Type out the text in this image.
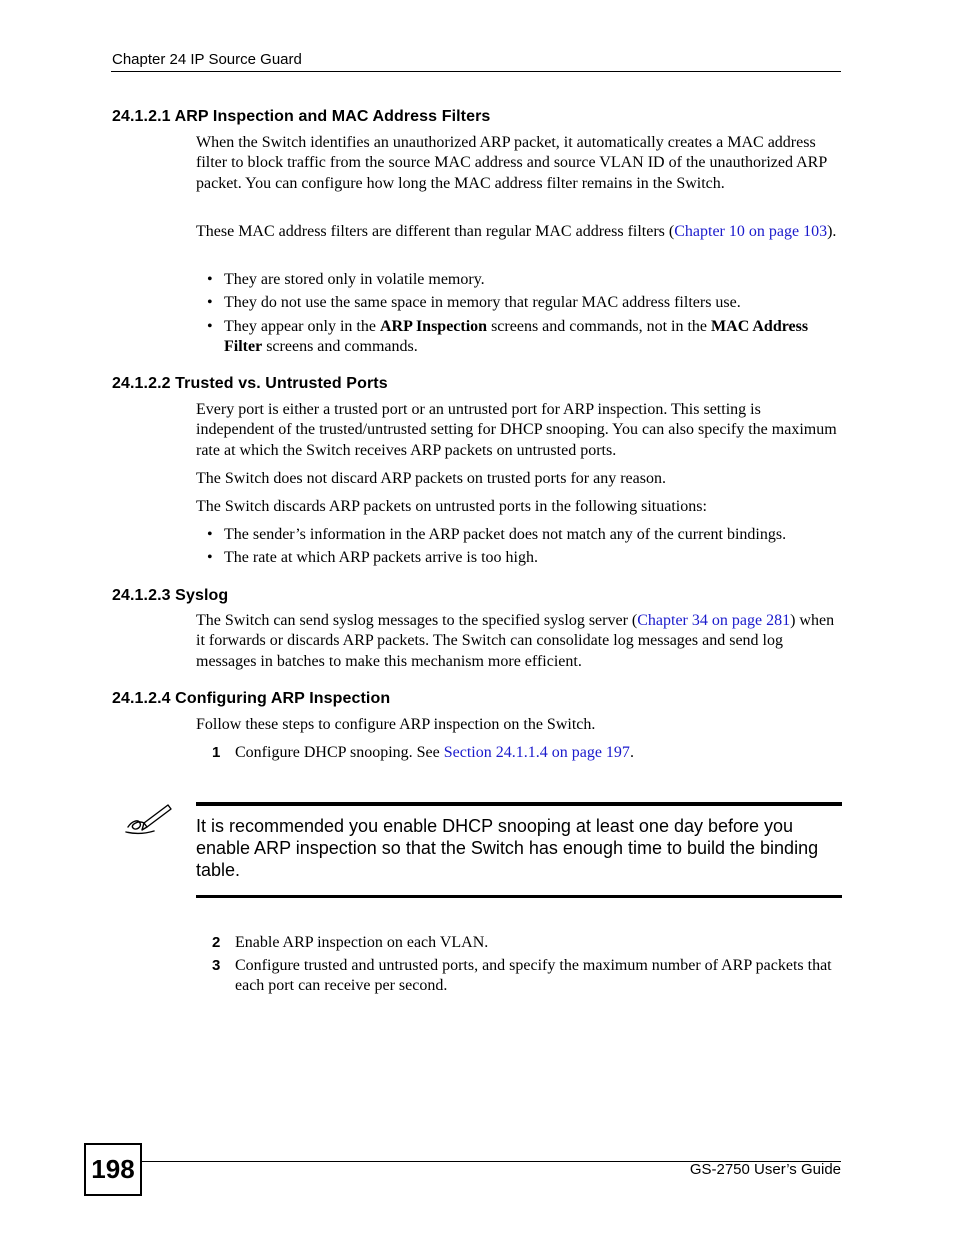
Chapter 24 IP Source Guard
24.1.2.1 ARP Inspection and MAC Address Filters

When the Switch identifies an unauthorized ARP packet, it automatically creates a MAC address filter to block traffic from the source MAC address and source VLAN ID of the unauthorized ARP packet. You can configure how long the MAC address filter remains in the Switch.

These MAC address filters are different than regular MAC address filters (Chapter 10 on page 103).

• They are stored only in volatile memory.
• They do not use the same space in memory that regular MAC address filters use.
• They appear only in the ARP Inspection screens and commands, not in the MAC Address Filter screens and commands.
24.1.2.2 Trusted vs. Untrusted Ports

Every port is either a trusted port or an untrusted port for ARP inspection. This setting is independent of the trusted/untrusted setting for DHCP snooping. You can also specify the maximum rate at which the Switch receives ARP packets on untrusted ports.

The Switch does not discard ARP packets on trusted ports for any reason.

The Switch discards ARP packets on untrusted ports in the following situations:

• The sender’s information in the ARP packet does not match any of the current bindings.
• The rate at which ARP packets arrive is too high.
24.1.2.3 Syslog

The Switch can send syslog messages to the specified syslog server (Chapter 34 on page 281) when it forwards or discards ARP packets. The Switch can consolidate log messages and send log messages in batches to make this mechanism more efficient.

24.1.2.4 Configuring ARP Inspection

Follow these steps to configure ARP inspection on the Switch.

1 Configure DHCP snooping. See Section 24.1.1.4 on page 197.
It is recommended you enable DHCP snooping at least one day before you enable ARP inspection so that the Switch has enough time to build the binding table.
2 Enable ARP inspection on each VLAN.
3 Configure trusted and untrusted ports, and specify the maximum number of ARP packets that each port can receive per second.
198	GS-2750 User’s Guide
